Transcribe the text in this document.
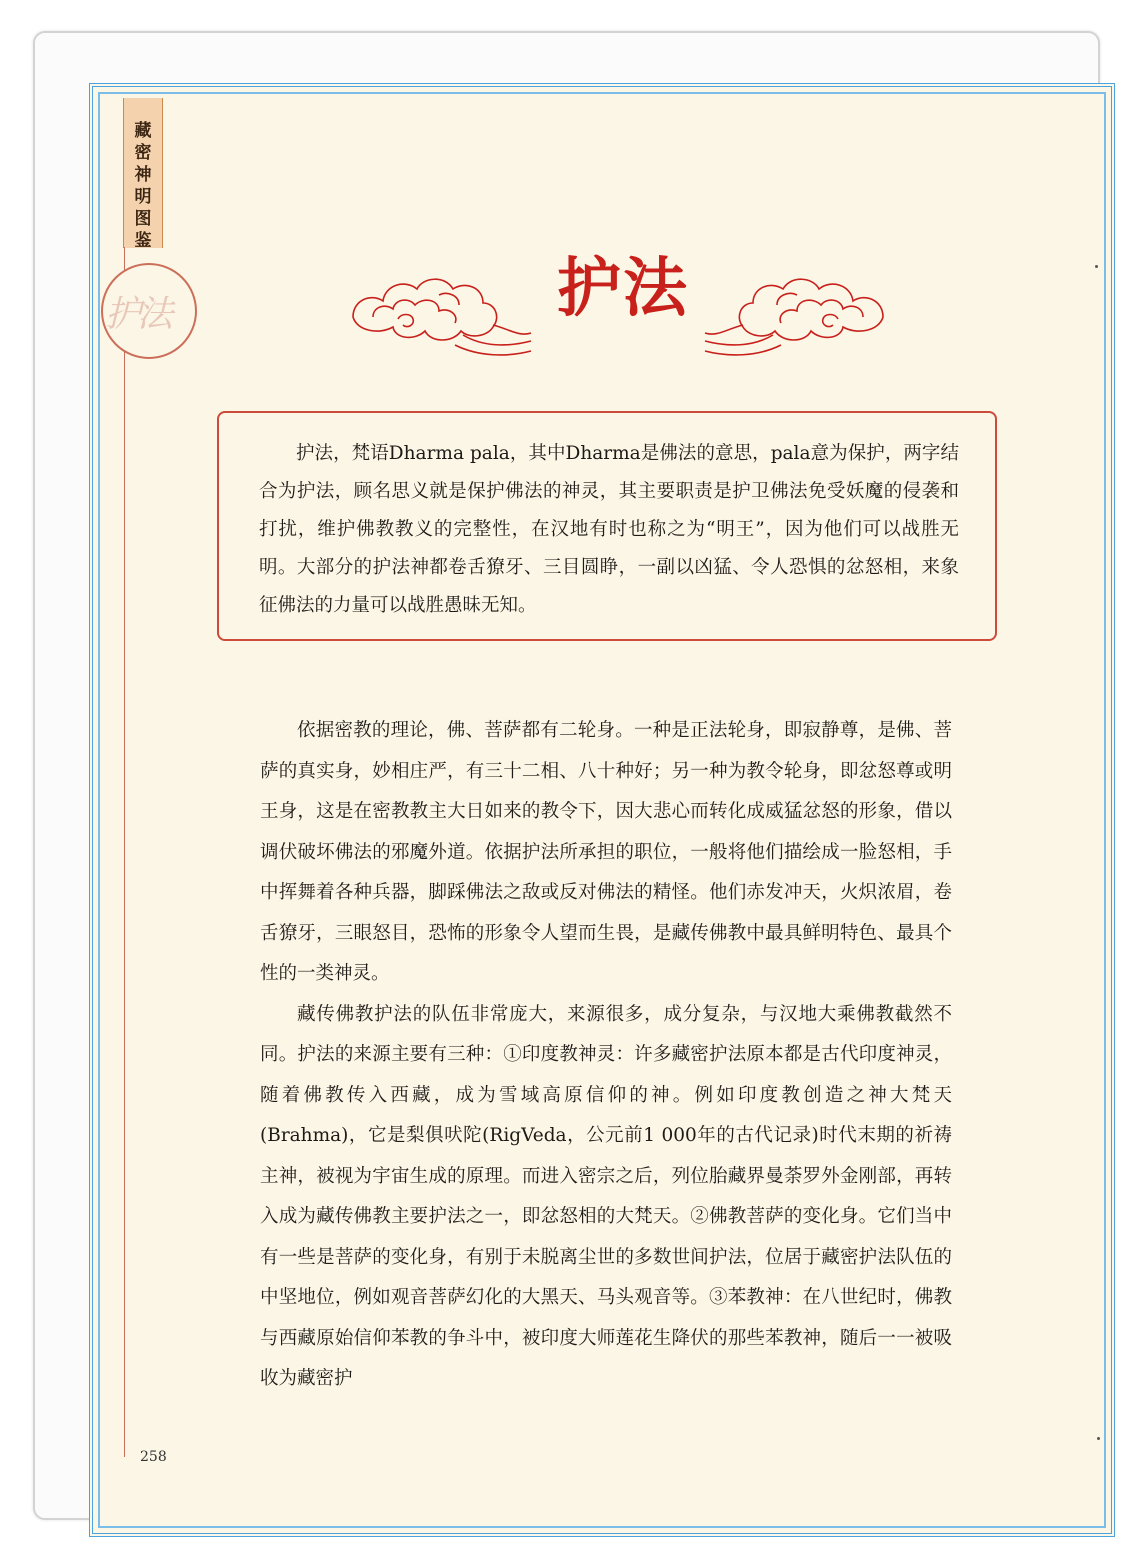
藏
密
神
明
图
鉴
护法	护法

护法，梵语Dharma pala，其中Dharma是佛法的意思，pala意为保护，两字结合为护法，顾名思义就是保护佛法的神灵，其主要职责是护卫佛法免受妖魔的侵袭和打扰，维护佛教教义的完整性，在汉地有时也称之为“明王”，因为他们可以战胜无明。大部分的护法神都卷舌獠牙、三目圆睁，一副以凶猛、令人恐惧的忿怒相，来象征佛法的力量可以战胜愚昧无知。

依据密教的理论，佛、菩萨都有二轮身。一种是正法轮身，即寂静尊，是佛、菩萨的真实身，妙相庄严，有三十二相、八十种好；另一种为教令轮身，即忿怒尊或明王身，这是在密教教主大日如来的教令下，因大悲心而转化成威猛忿怒的形象，借以调伏破坏佛法的邪魔外道。依据护法所承担的职位，一般将他们描绘成一脸怒相，手中挥舞着各种兵器，脚踩佛法之敌或反对佛法的精怪。他们赤发冲天，火炽浓眉，卷舌獠牙，三眼怒目，恐怖的形象令人望而生畏，是藏传佛教中最具鲜明特色、最具个性的一类神灵。

藏传佛教护法的队伍非常庞大，来源很多，成分复杂，与汉地大乘佛教截然不同。护法的来源主要有三种：①印度教神灵：许多藏密护法原本都是古代印度神灵，随着佛教传入西藏，成为雪域高原信仰的神。例如印度教创造之神大梵天(Brahma)，它是梨俱吠陀(RigVeda，公元前1 000年的古代记录)时代末期的祈祷主神，被视为宇宙生成的原理。而进入密宗之后，列位胎藏界曼荼罗外金刚部，再转入成为藏传佛教主要护法之一，即忿怒相的大梵天。②佛教菩萨的变化身。它们当中有一些是菩萨的变化身，有别于未脱离尘世的多数世间护法，位居于藏密护法队伍的中坚地位，例如观音菩萨幻化的大黑天、马头观音等。③苯教神：在八世纪时，佛教与西藏原始信仰苯教的争斗中，被印度大师莲花生降伏的那些苯教神，随后一一被吸收为藏密护

258
